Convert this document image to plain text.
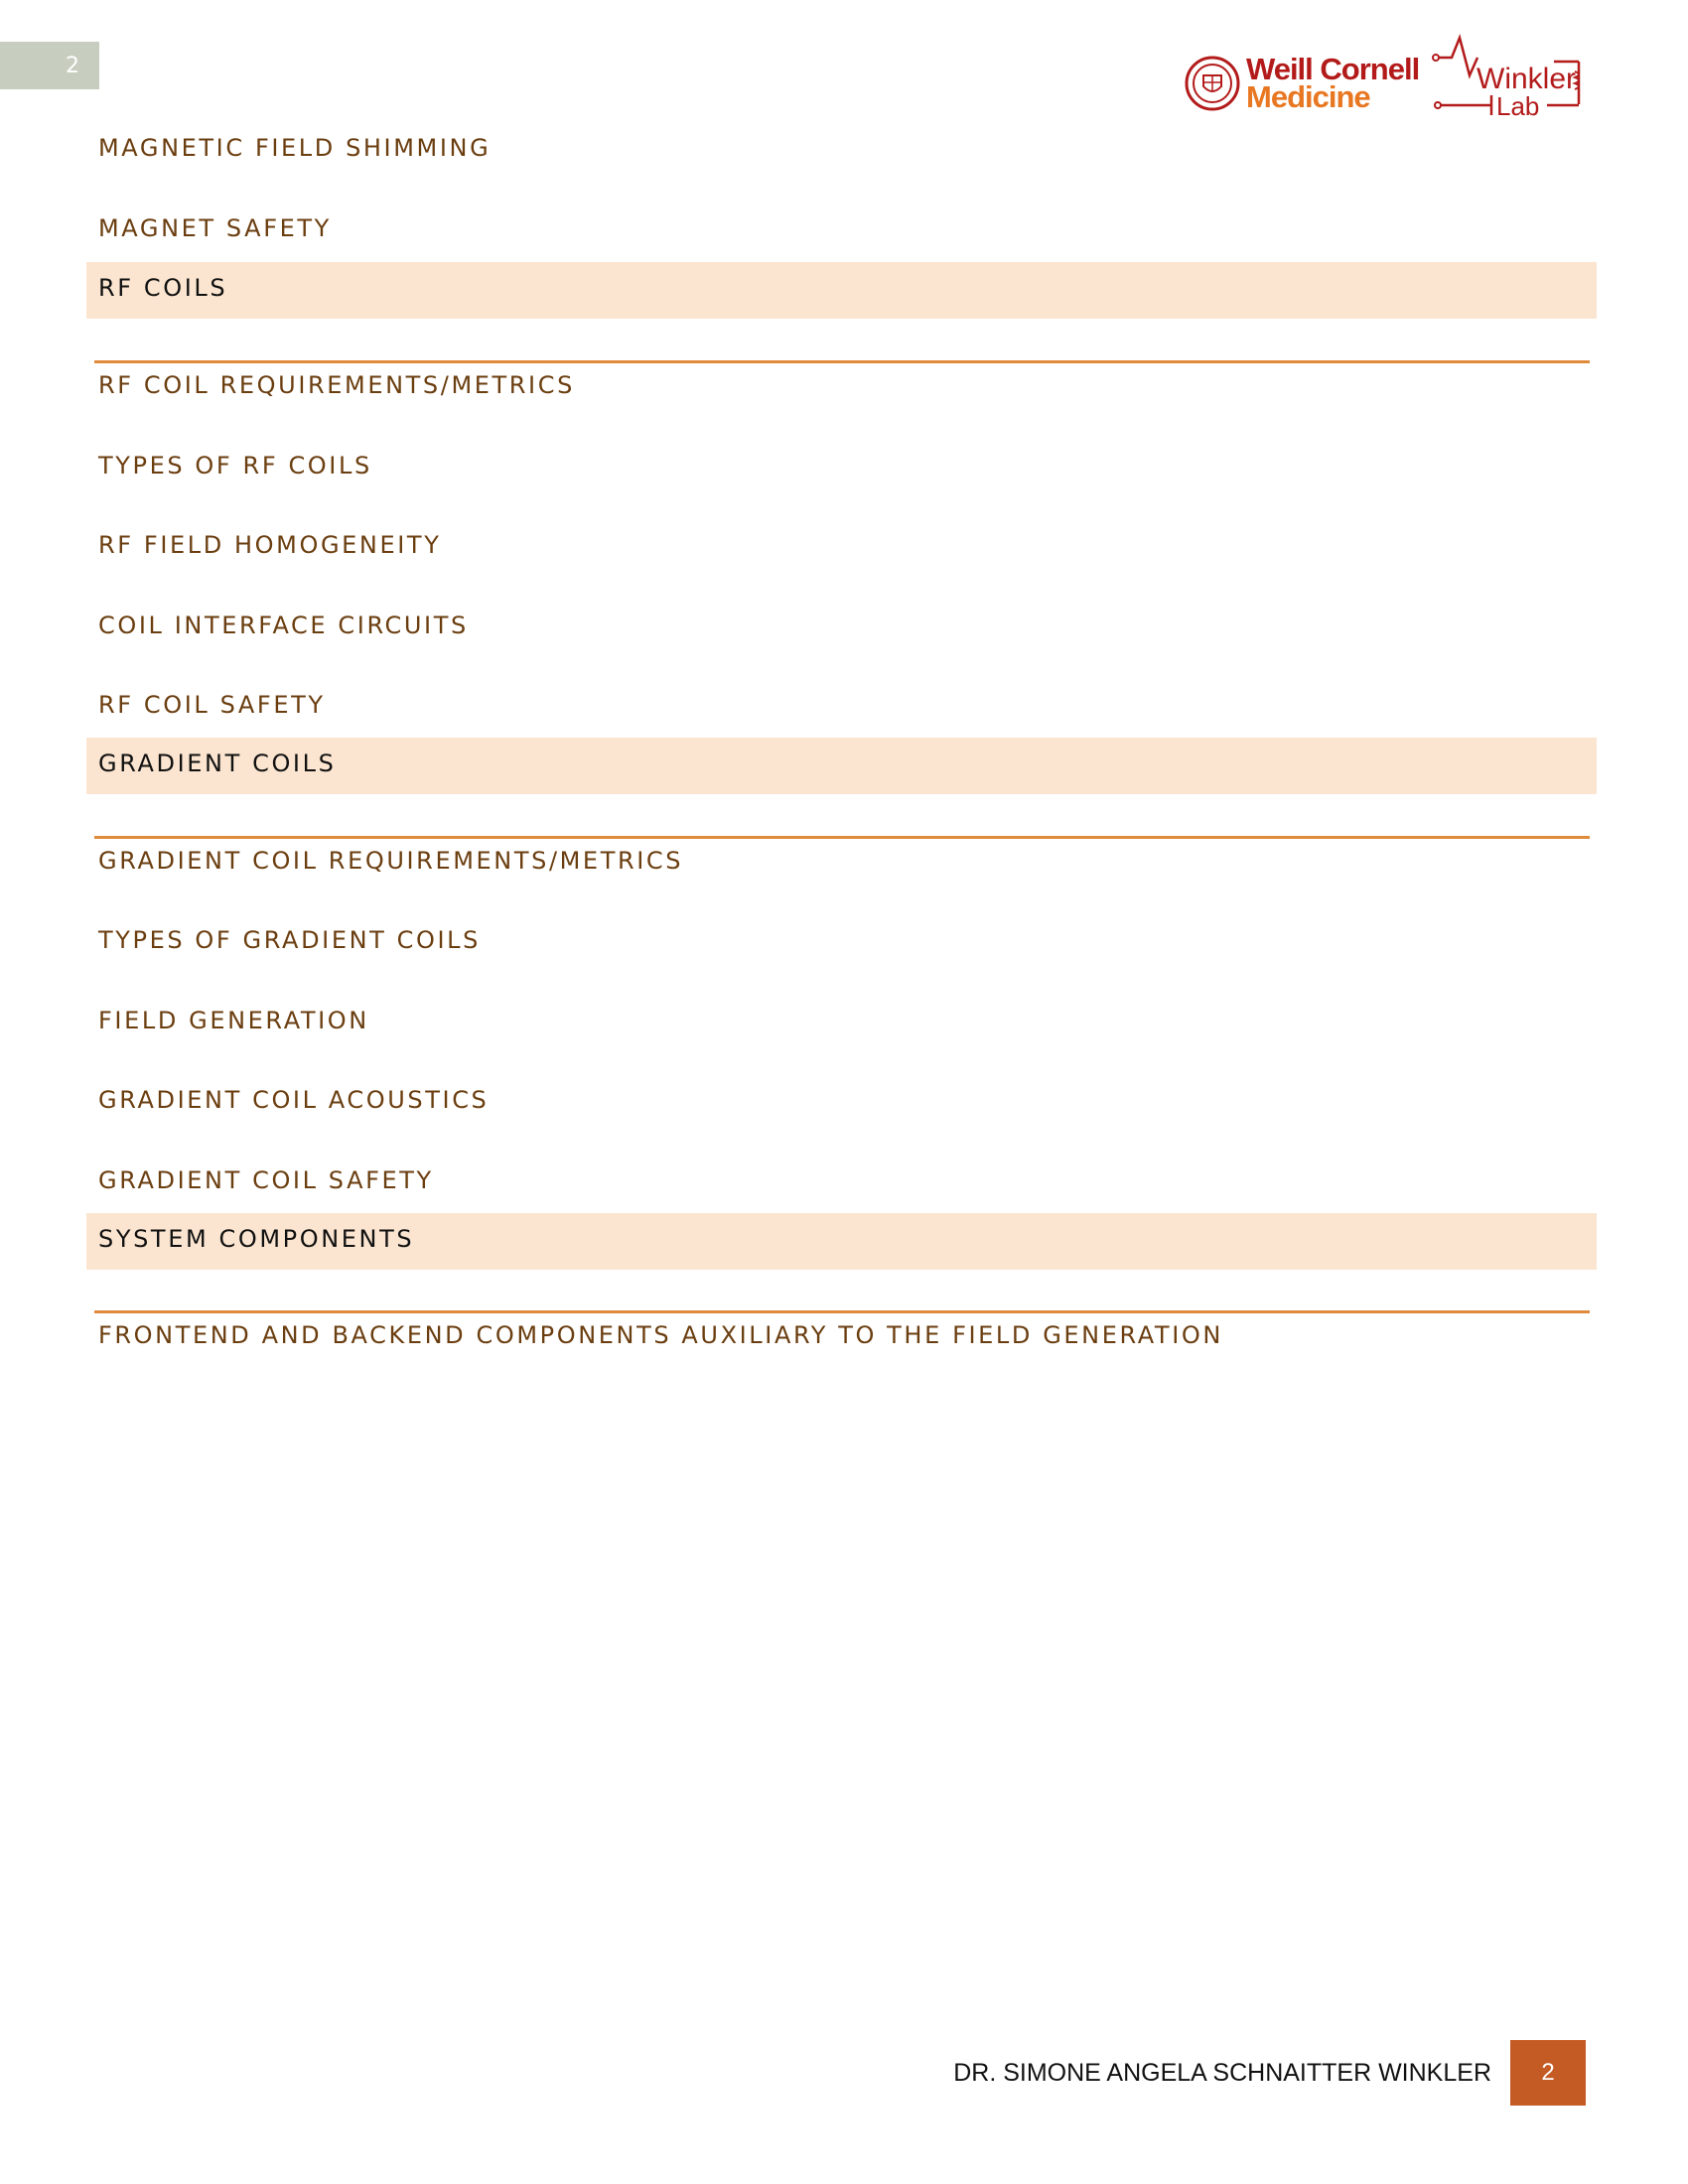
2	Weill Cornell
Medicine
Winkler
Lab
MAGNETIC FIELD SHIMMING
MAGNET SAFETY
RF COILS
RF COIL REQUIREMENTS/METRICS
TYPES OF RF COILS
RF FIELD HOMOGENEITY
COIL INTERFACE CIRCUITS
RF COIL SAFETY
GRADIENT COILS
GRADIENT COIL REQUIREMENTS/METRICS
TYPES OF GRADIENT COILS
FIELD GENERATION
GRADIENT COIL ACOUSTICS
GRADIENT COIL SAFETY
SYSTEM COMPONENTS
FRONTEND AND BACKEND COMPONENTS AUXILIARY TO THE FIELD GENERATION
DR. SIMONE ANGELA SCHNAITTER WINKLER 2
